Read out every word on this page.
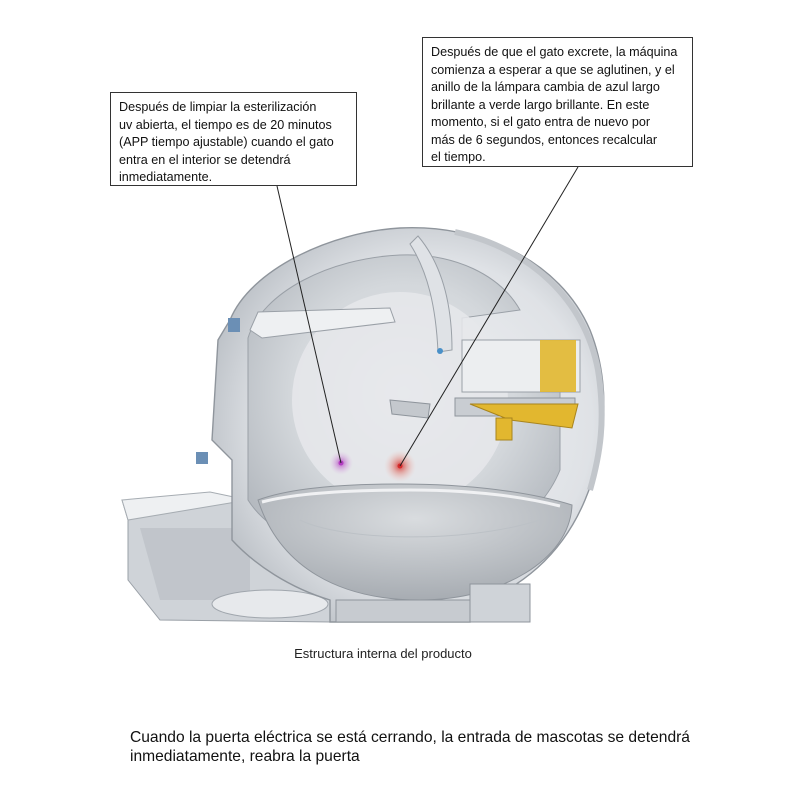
Después de limpiar la esterilización
uv abierta, el tiempo es de 20 minutos
(APP tiempo ajustable) cuando el gato
entra en el interior se detendrá
inmediatamente.
Después de que el gato excrete, la máquina
comienza a esperar a que se aglutinen, y el
anillo de la lámpara cambia de azul largo
brillante a verde largo brillante. En este
momento, si el gato entra de nuevo por
más de 6 segundos, entonces recalcular
el tiempo.
Estructura interna del producto
Cuando la puerta eléctrica se está cerrando, la entrada de mascotas se detendrá inmediatamente, reabra la puerta
